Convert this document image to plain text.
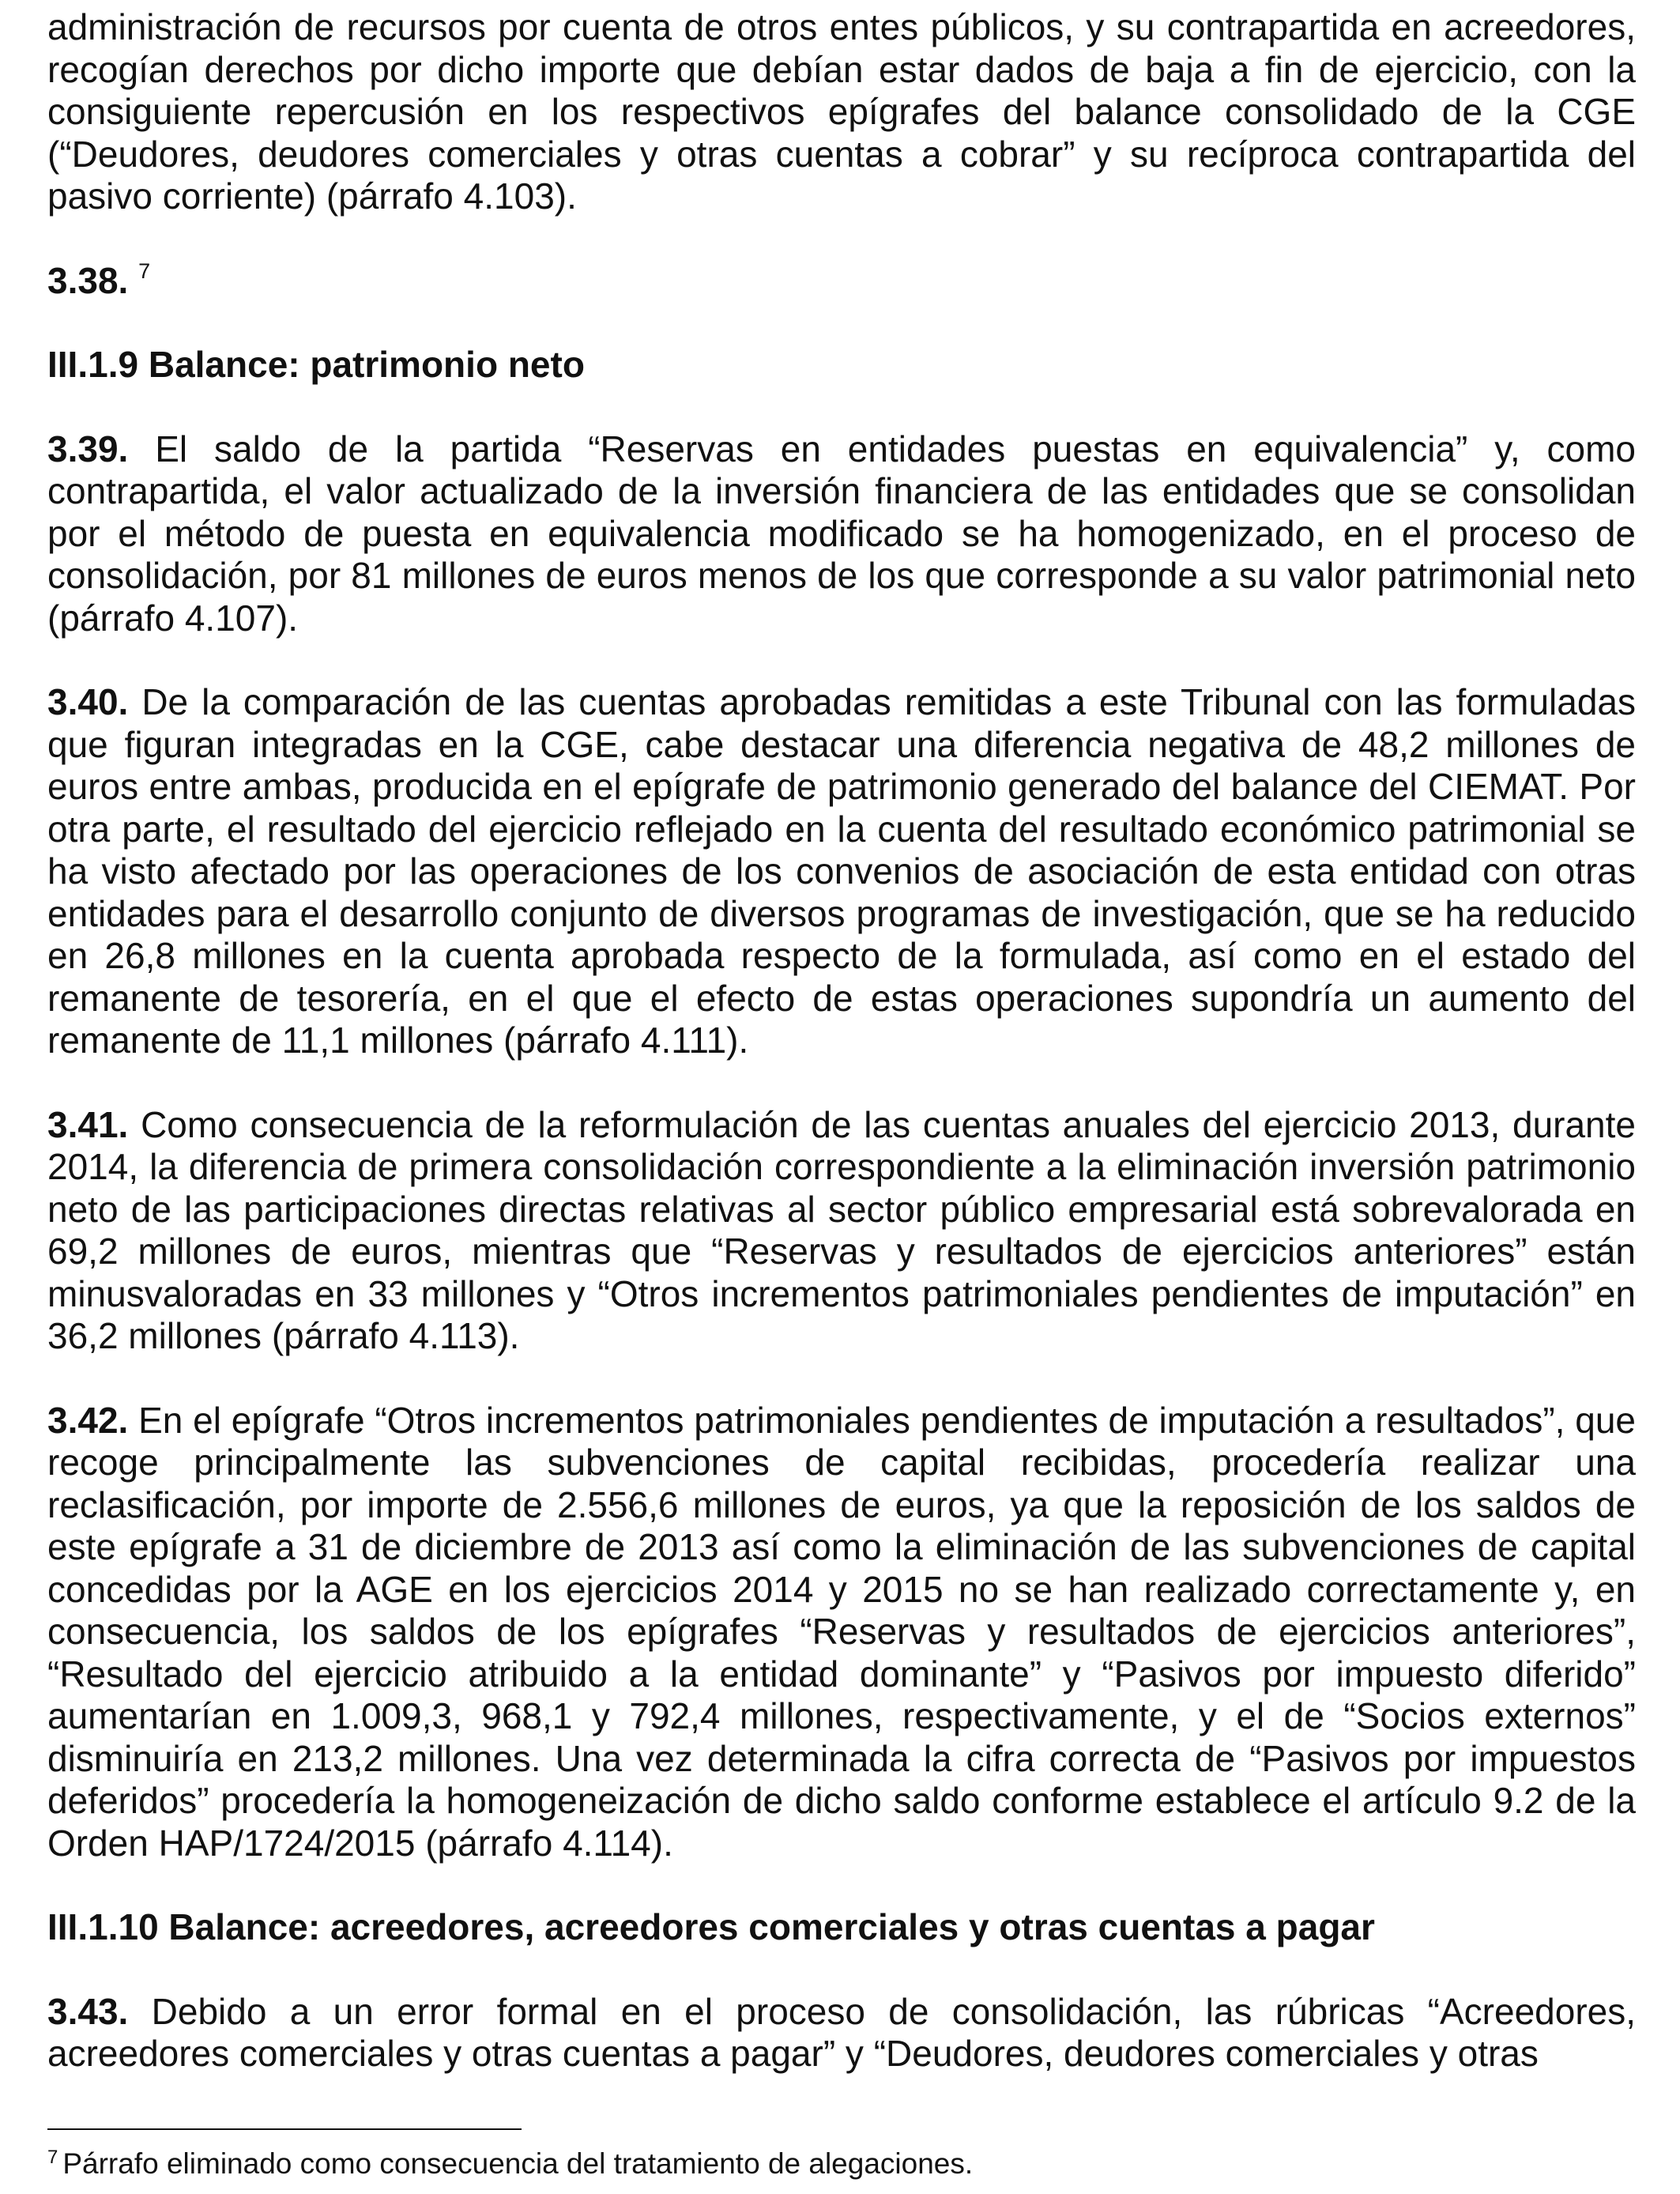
administración de recursos por cuenta de otros entes públicos, y su contrapartida en acreedores, recogían derechos por dicho importe que debían estar dados de baja a fin de ejercicio, con la consiguiente repercusión en los respectivos epígrafes del balance consolidado de la CGE (“Deudores, deudores comerciales y otras cuentas a cobrar” y su recíproca contrapartida del pasivo corriente) (párrafo 4.103).

3.38. $^7$

III.1.9 Balance: patrimonio neto

3.39. El saldo de la partida “Reservas en entidades puestas en equivalencia” y, como contrapartida, el valor actualizado de la inversión financiera de las entidades que se consolidan por el método de puesta en equivalencia modificado se ha homogenizado, en el proceso de consolidación, por 81 millones de euros menos de los que corresponde a su valor patrimonial neto (párrafo 4.107).

3.40. De la comparación de las cuentas aprobadas remitidas a este Tribunal con las formuladas que figuran integradas en la CGE, cabe destacar una diferencia negativa de 48,2 millones de euros entre ambas, producida en el epígrafe de patrimonio generado del balance del CIEMAT. Por otra parte, el resultado del ejercicio reflejado en la cuenta del resultado económico patrimonial se ha visto afectado por las operaciones de los convenios de asociación de esta entidad con otras entidades para el desarrollo conjunto de diversos programas de investigación, que se ha reducido en 26,8 millones en la cuenta aprobada respecto de la formulada, así como en el estado del remanente de tesorería, en el que el efecto de estas operaciones supondría un aumento del remanente de 11,1 millones (párrafo 4.111).

3.41. Como consecuencia de la reformulación de las cuentas anuales del ejercicio 2013, durante 2014, la diferencia de primera consolidación correspondiente a la eliminación inversión patrimonio neto de las participaciones directas relativas al sector público empresarial está sobrevalorada en 69,2 millones de euros, mientras que “Reservas y resultados de ejercicios anteriores” están minusvaloradas en 33 millones y “Otros incrementos patrimoniales pendientes de imputación” en 36,2 millones (párrafo 4.113).

3.42. En el epígrafe “Otros incrementos patrimoniales pendientes de imputación a resultados”, que recoge principalmente las subvenciones de capital recibidas, procedería realizar una reclasificación, por importe de 2.556,6 millones de euros, ya que la reposición de los saldos de este epígrafe a 31 de diciembre de 2013 así como la eliminación de las subvenciones de capital concedidas por la AGE en los ejercicios 2014 y 2015 no se han realizado correctamente y, en consecuencia, los saldos de los epígrafes “Reservas y resultados de ejercicios anteriores”, “Resultado del ejercicio atribuido a la entidad dominante” y “Pasivos por impuesto diferido” aumentarían en 1.009,3, 968,1 y 792,4 millones, respectivamente, y el de “Socios externos” disminuiría en 213,2 millones. Una vez determinada la cifra correcta de “Pasivos por impuestos deferidos” procedería la homogeneización de dicho saldo conforme establece el artículo 9.2 de la Orden HAP/1724/2015 (párrafo 4.114).

III.1.10 Balance: acreedores, acreedores comerciales y otras cuentas a pagar

3.43. Debido a un error formal en el proceso de consolidación, las rúbricas “Acreedores, acreedores comerciales y otras cuentas a pagar” y “Deudores, deudores comerciales y otras

$^7$ Párrafo eliminado como consecuencia del tratamiento de alegaciones.
